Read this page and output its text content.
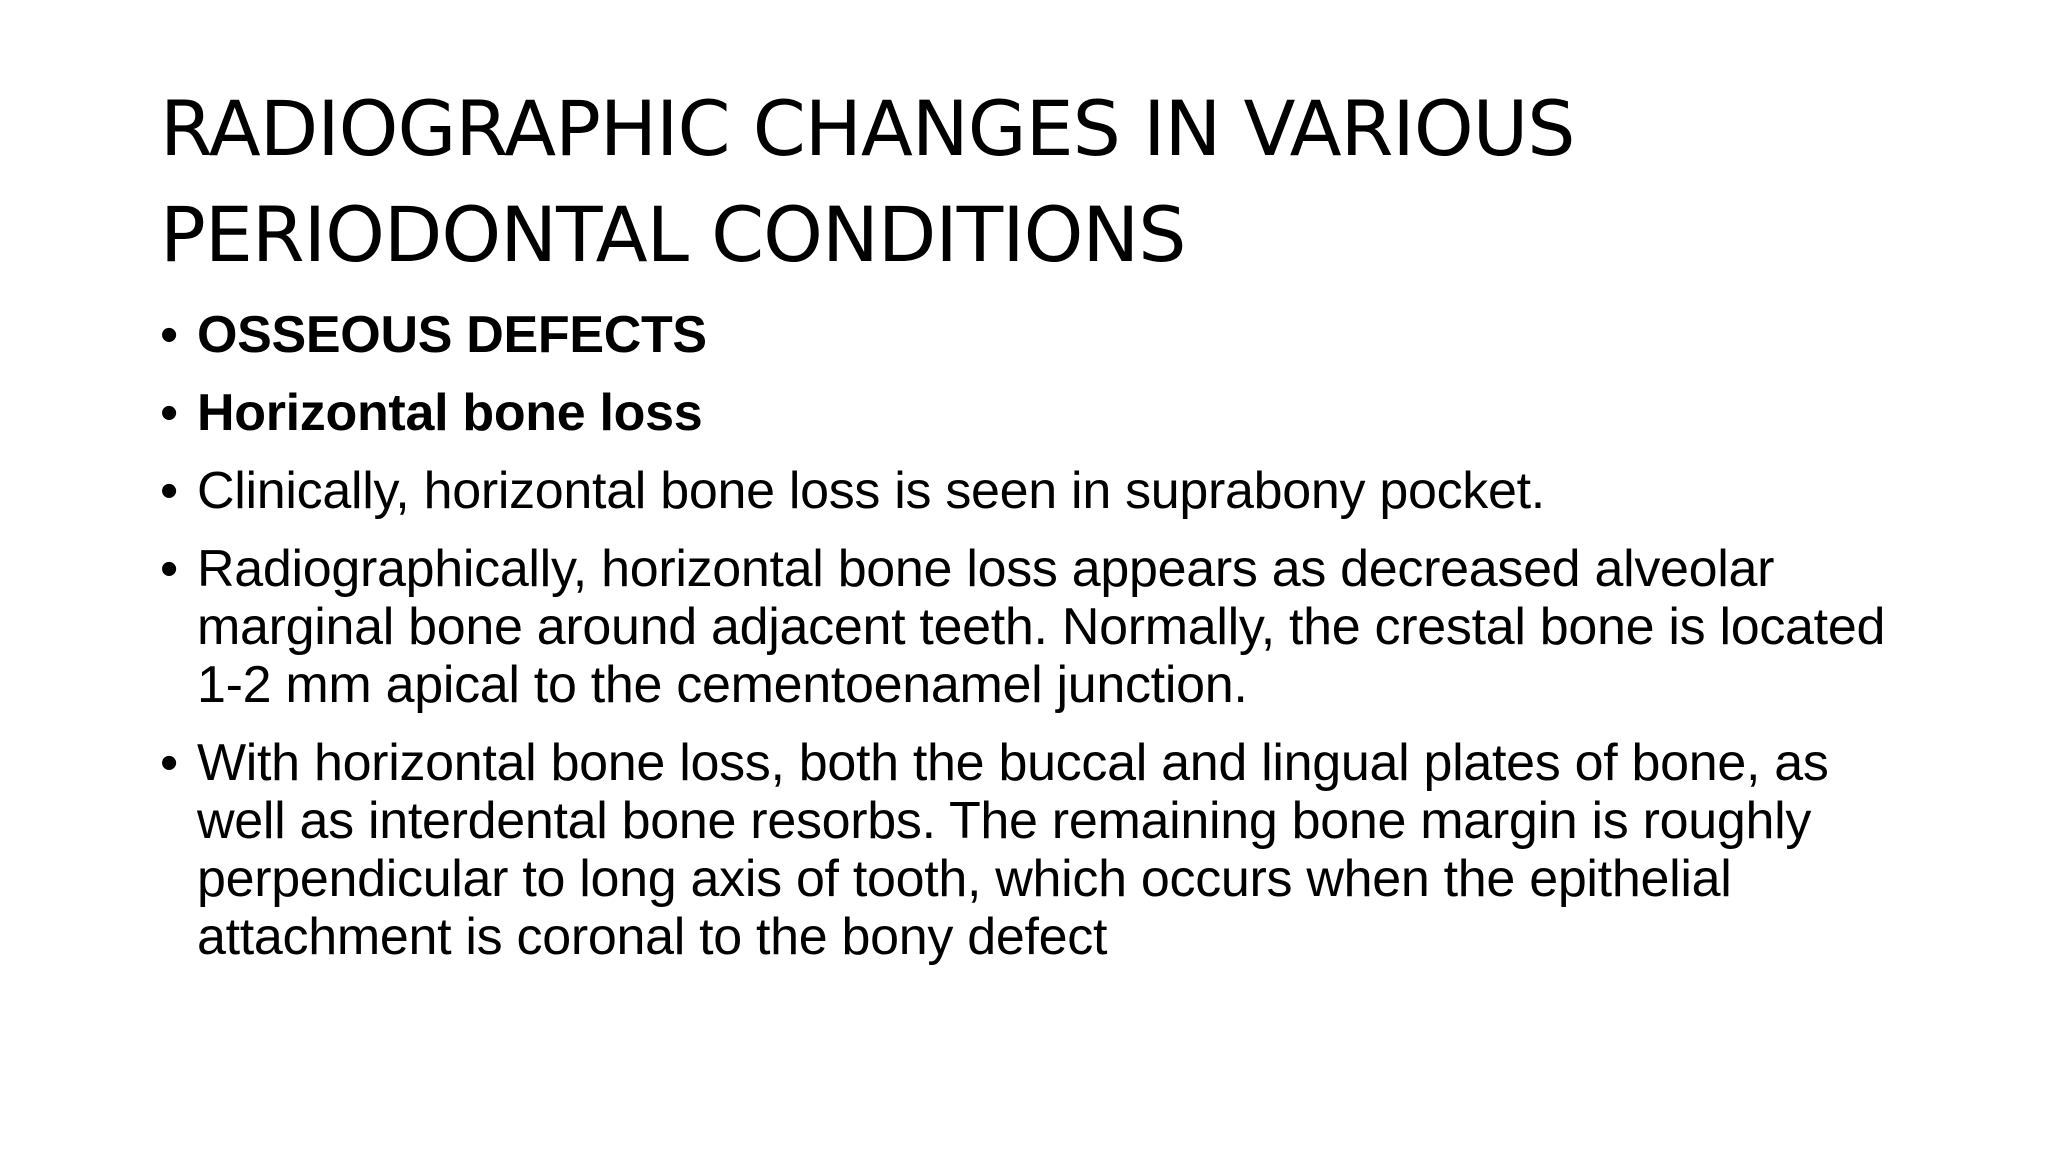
RADIOGRAPHIC CHANGES IN VARIOUS
PERIODONTAL CONDITIONS
• OSSEOUS DEFECTS
• Horizontal bone loss
• Clinically, horizontal bone loss is seen in suprabony pocket.
• Radiographically, horizontal bone loss appears as decreased alveolar marginal bone around adjacent teeth. Normally, the crestal bone is located 1-2 mm apical to the cementoenamel junction.
• With horizontal bone loss, both the buccal and lingual plates of bone, as well as interdental bone resorbs. The remaining bone margin is roughly perpendicular to long axis of tooth, which occurs when the epithelial attachment is coronal to the bony defect
